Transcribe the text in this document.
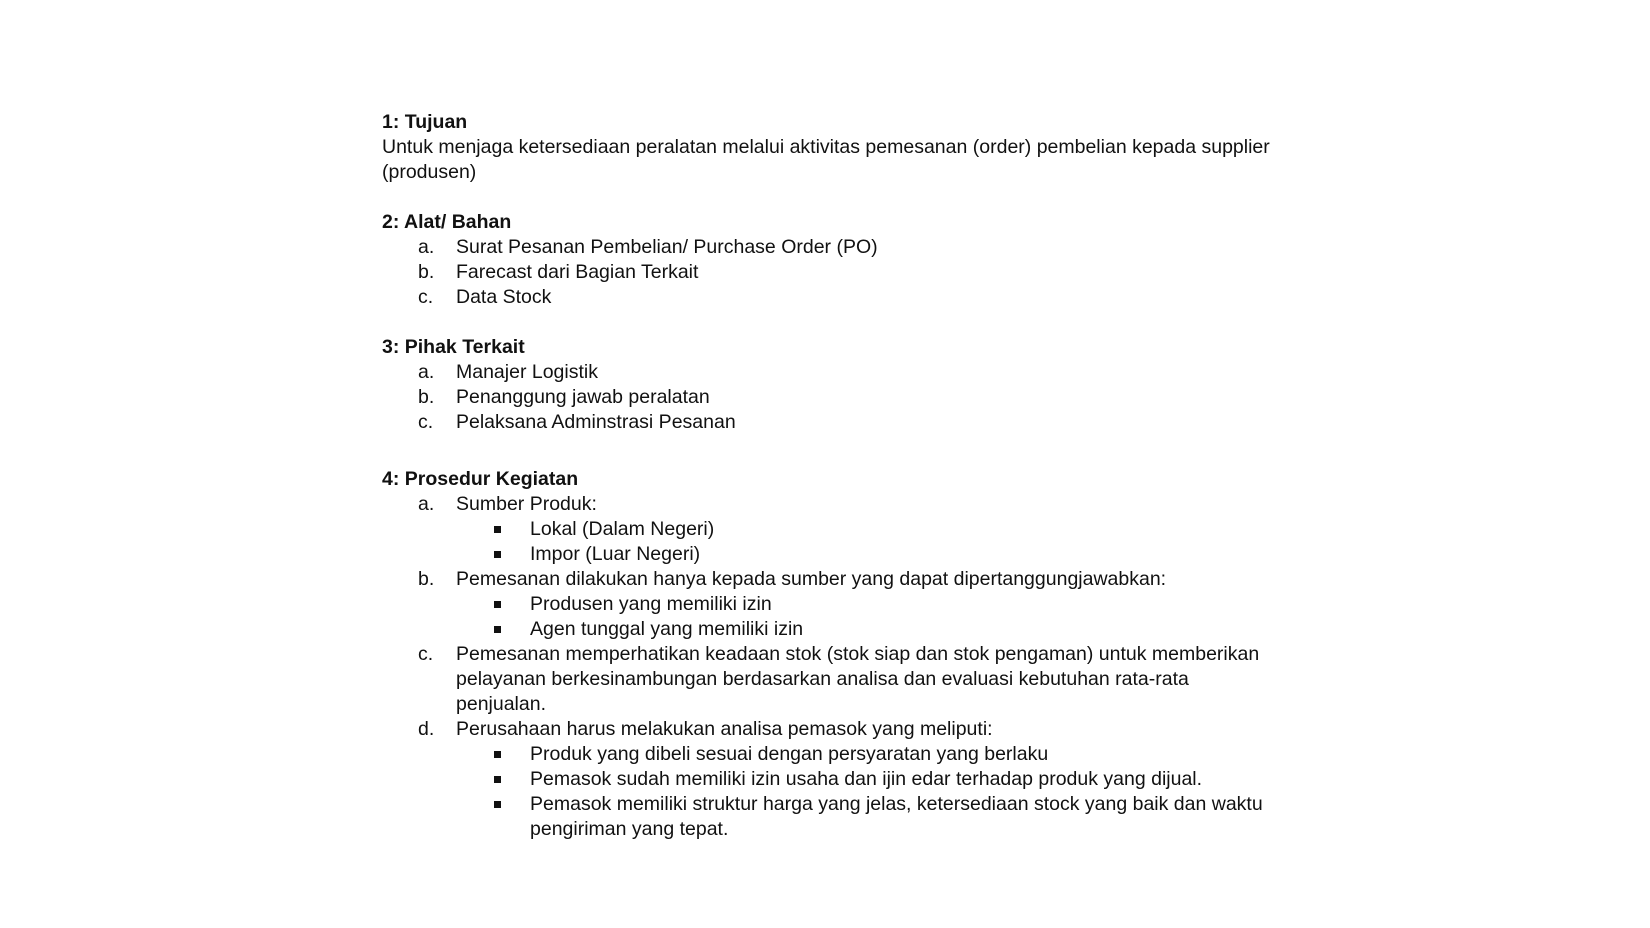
1: Tujuan
Untuk menjaga ketersediaan peralatan melalui aktivitas pemesanan (order) pembelian kepada supplier (produsen)
2: Alat/ Bahan
a. Surat Pesanan Pembelian/ Purchase Order (PO)
b. Farecast dari Bagian Terkait
c. Data Stock
3: Pihak Terkait
a. Manajer Logistik
b. Penanggung jawab peralatan
c. Pelaksana Adminstrasi Pesanan
4: Prosedur Kegiatan
a. Sumber Produk:
Lokal (Dalam Negeri)
Impor (Luar Negeri)
b. Pemesanan dilakukan hanya kepada sumber yang dapat dipertanggungjawabkan:
Produsen yang memiliki izin
Agen tunggal yang memiliki izin
c. Pemesanan memperhatikan keadaan stok (stok siap dan stok pengaman) untuk memberikan pelayanan berkesinambungan berdasarkan analisa dan evaluasi kebutuhan rata-rata penjualan.
d. Perusahaan harus melakukan analisa pemasok yang meliputi:
Produk yang dibeli sesuai dengan persyaratan yang berlaku
Pemasok sudah memiliki izin usaha dan ijin edar terhadap produk yang dijual.
Pemasok memiliki struktur harga yang jelas, ketersediaan stock yang baik dan waktu pengiriman yang tepat.
